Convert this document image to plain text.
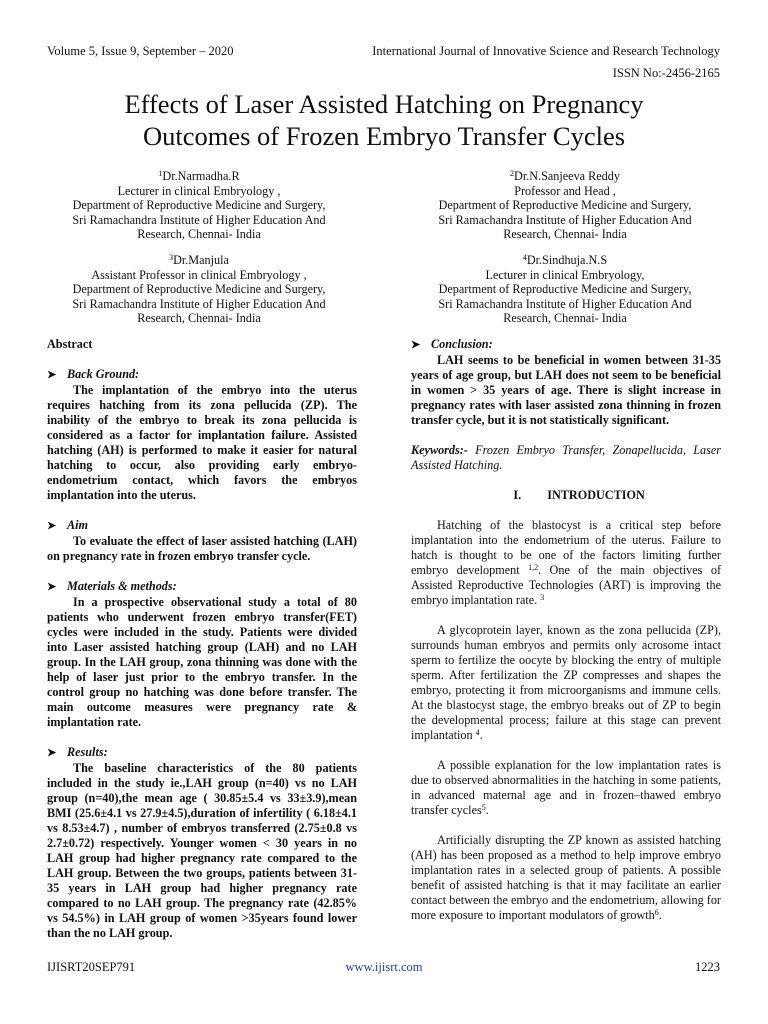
Volume 5, Issue 9, September – 2020	International Journal of Innovative Science and Research Technology
ISSN No:-2456-2165
Effects of Laser Assisted Hatching on Pregnancy
Outcomes of Frozen Embryo Transfer Cycles
$^1$Dr.Narmadha.R
Lecturer in clinical Embryology ,
Department of Reproductive Medicine and Surgery,
Sri Ramachandra Institute of Higher Education And
Research, Chennai- India
$^2$Dr.N.Sanjeeva Reddy
Professor and Head ,
Department of Reproductive Medicine and Surgery,
Sri Ramachandra Institute of Higher Education And
Research, Chennai- India
$^3$Dr.Manjula
Assistant Professor in clinical Embryology ,
Department of Reproductive Medicine and Surgery,
Sri Ramachandra Institute of Higher Education And
Research, Chennai- India
$^4$Dr.Sindhuja.N.S
Lecturer in clinical Embryology,
Department of Reproductive Medicine and Surgery,
Sri Ramachandra Institute of Higher Education And
Research, Chennai- India

Abstract

➤ Back Ground:

The implantation of the embryo into the uterus requires hatching from its zona pellucida (ZP). The inability of the embryo to break its zona pellucida is considered as a factor for implantation failure. Assisted hatching (AH) is performed to make it easier for natural hatching to occur, also providing early embryo-endometrium contact, which favors the embryos implantation into the uterus.

➤ Aim

To evaluate the effect of laser assisted hatching (LAH) on pregnancy rate in frozen embryo transfer cycle.

➤ Materials & methods:

In a prospective observational study a total of 80 patients who underwent frozen embryo transfer(FET) cycles were included in the study. Patients were divided into Laser assisted hatching group (LAH) and no LAH group. In the LAH group, zona thinning was done with the help of laser just prior to the embryo transfer. In the control group no hatching was done before transfer. The main outcome measures were pregnancy rate & implantation rate.

➤ Results:

The baseline characteristics of the 80 patients included in the study ie.,LAH group (n=40) vs no LAH group (n=40),the mean age ( 30.85±5.4 vs 33±3.9),mean BMI (25.6±4.1 vs 27.9±4.5),duration of infertility ( 6.18±4.1 vs 8.53±4.7) , number of embryos transferred (2.75±0.8 vs 2.7±0.72) respectively. Younger women < 30 years in no LAH group had higher pregnancy rate compared to the LAH group. Between the two groups, patients between 31-35 years in LAH group had higher pregnancy rate compared to no LAH group. The pregnancy rate (42.85% vs 54.5%) in LAH group of women >35years found lower than the no LAH group.

➤ Conclusion:

LAH seems to be beneficial in women between 31-35 years of age group, but LAH does not seem to be beneficial in women > 35 years of age. There is slight increase in pregnancy rates with laser assisted zona thinning in frozen transfer cycle, but it is not statistically significant.

Keywords:- Frozen Embryo Transfer, Zonapellucida, Laser Assisted Hatching.

I. INTRODUCTION

Hatching of the blastocyst is a critical step before implantation into the endometrium of the uterus. Failure to hatch is thought to be one of the factors limiting further embryo development $^{1,2}$. One of the main objectives of Assisted Reproductive Technologies (ART) is improving the embryo implantation rate. $^3$

A glycoprotein layer, known as the zona pellucida (ZP), surrounds human embryos and permits only acrosome intact sperm to fertilize the oocyte by blocking the entry of multiple sperm. After fertilization the ZP compresses and shapes the embryo, protecting it from microorganisms and immune cells. At the blastocyst stage, the embryo breaks out of ZP to begin the developmental process; failure at this stage can prevent implantation $^4$.

A possible explanation for the low implantation rates is due to observed abnormalities in the hatching in some patients, in advanced maternal age and in frozen–thawed embryo transfer cycles$^5$.

Artificially disrupting the ZP known as assisted hatching (AH) has been proposed as a method to help improve embryo implantation rates in a selected group of patients. A possible benefit of assisted hatching is that it may facilitate an earlier contact between the embryo and the endometrium, allowing for more exposure to important modulators of growth$^6$.

IJISRT20SEP791	www.ijisrt.com	1223
